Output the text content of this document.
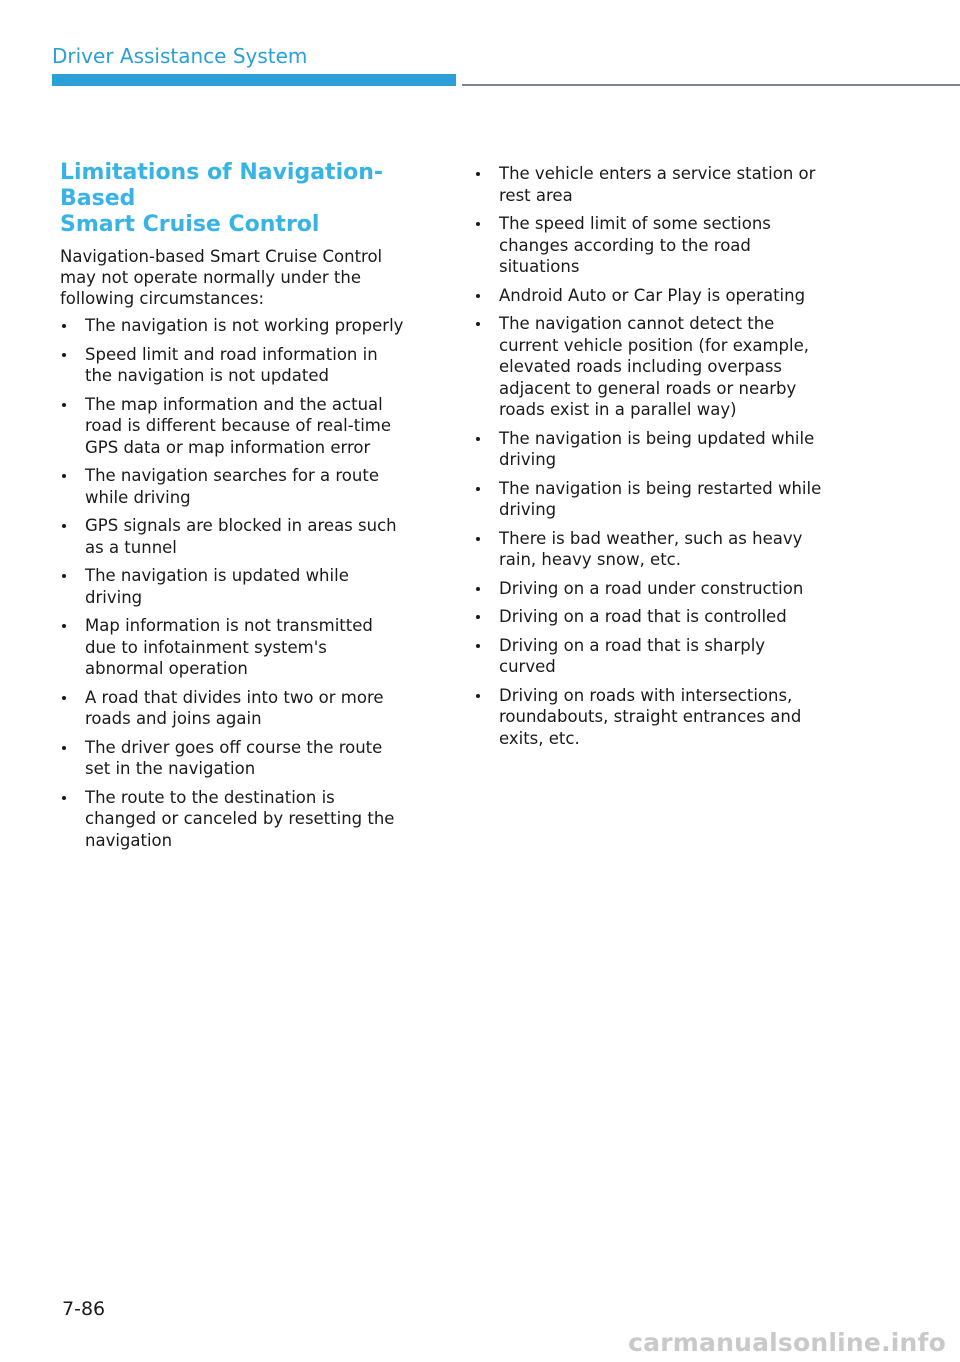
Driver Assistance System
Limitations of Navigation-Based
Smart Cruise Control

Navigation-based Smart Cruise Control
may not operate normally under the
following circumstances:

The navigation is not working properly
Speed limit and road information in
the navigation is not updated
The map information and the actual
road is different because of real-time
GPS data or map information error
The navigation searches for a route
while driving
GPS signals are blocked in areas such
as a tunnel
The navigation is updated while
driving
Map information is not transmitted
due to infotainment system's
abnormal operation
A road that divides into two or more
roads and joins again
The driver goes off course the route
set in the navigation
The route to the destination is
changed or canceled by resetting the
navigation
The vehicle enters a service station or
rest area
The speed limit of some sections
changes according to the road
situations
Android Auto or Car Play is operating
The navigation cannot detect the
current vehicle position (for example,
elevated roads including overpass
adjacent to general roads or nearby
roads exist in a parallel way)
The navigation is being updated while
driving
The navigation is being restarted while
driving
There is bad weather, such as heavy
rain, heavy snow, etc.
Driving on a road under construction
Driving on a road that is controlled
Driving on a road that is sharply
curved
Driving on roads with intersections,
roundabouts, straight entrances and
exits, etc.
7-86
carmanualsonline.info
